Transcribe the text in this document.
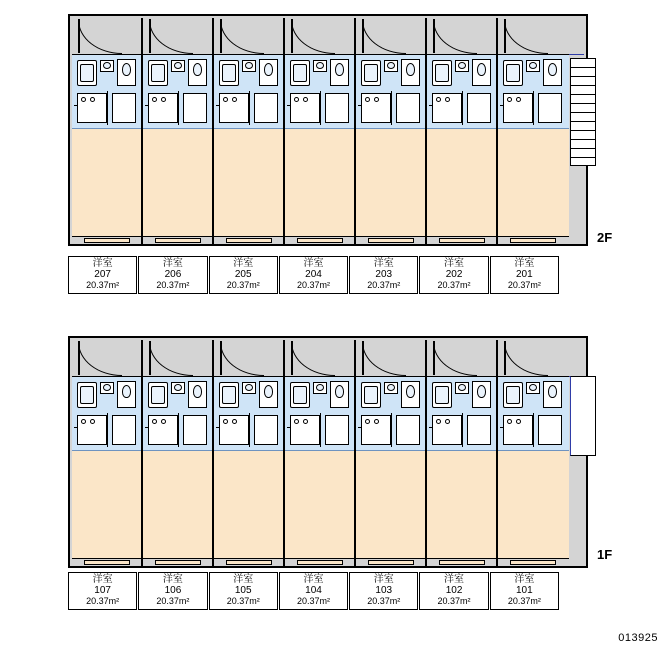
2F
洋室
207
20.37m²
洋室
206
20.37m²
洋室
205
20.37m²
洋室
204
20.37m²
洋室
203
20.37m²
洋室
202
20.37m²
洋室
201
20.37m²
1F
洋室
107
20.37m²
洋室
106
20.37m²
洋室
105
20.37m²
洋室
104
20.37m²
洋室
103
20.37m²
洋室
102
20.37m²
洋室
101
20.37m²
013925
